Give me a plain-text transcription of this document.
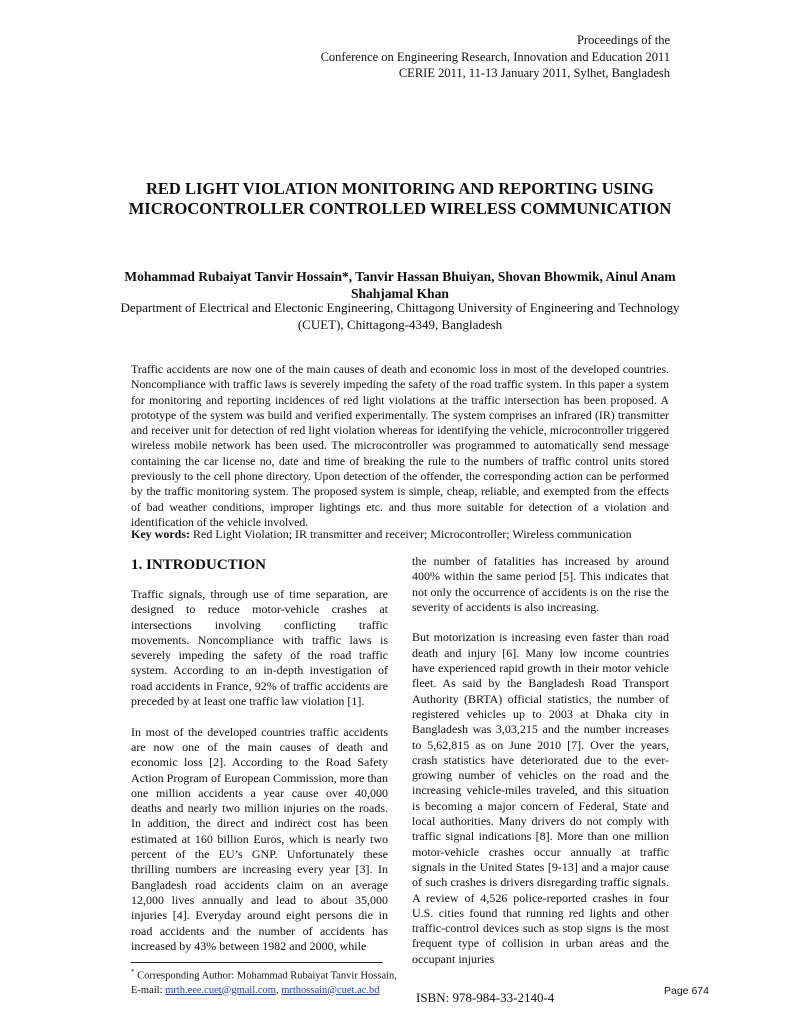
Proceedings of the
Conference on Engineering Research, Innovation and Education 2011
CERIE 2011, 11-13 January 2011, Sylhet, Bangladesh
RED LIGHT VIOLATION MONITORING AND REPORTING USING MICROCONTROLLER CONTROLLED WIRELESS COMMUNICATION
Mohammad Rubaiyat Tanvir Hossain*, Tanvir Hassan Bhuiyan, Shovan Bhowmik, Ainul Anam Shahjamal Khan
Department of Electrical and Electonic Engineering, Chittagong University of Engineering and Technology (CUET), Chittagong-4349, Bangladesh
Traffic accidents are now one of the main causes of death and economic loss in most of the developed countries. Noncompliance with traffic laws is severely impeding the safety of the road traffic system. In this paper a system for monitoring and reporting incidences of red light violations at the traffic intersection has been proposed. A prototype of the system was build and verified experimentally. The system comprises an infrared (IR) transmitter and receiver unit for detection of red light violation whereas for identifying the vehicle, microcontroller triggered wireless mobile network has been used. The microcontroller was programmed to automatically send message containing the car license no, date and time of breaking the rule to the numbers of traffic control units stored previously to the cell phone directory. Upon detection of the offender, the corresponding action can be performed by the traffic monitoring system. The proposed system is simple, cheap, reliable, and exempted from the effects of bad weather conditions, improper lightings etc. and thus more suitable for detection of a violation and identification of the vehicle involved.
Key words: Red Light Violation; IR transmitter and receiver; Microcontroller; Wireless communication
1. INTRODUCTION

Traffic signals, through use of time separation, are designed to reduce motor-vehicle crashes at intersections involving conflicting traffic movements. Noncompliance with traffic laws is severely impeding the safety of the road traffic system. According to an in-depth investigation of road accidents in France, 92% of traffic accidents are preceded by at least one traffic law violation [1].

In most of the developed countries traffic accidents are now one of the main causes of death and economic loss [2]. According to the Road Safety Action Program of European Commission, more than one million accidents a year cause over 40,000 deaths and nearly two million injuries on the roads. In addition, the direct and indirect cost has been estimated at 160 billion Euros, which is nearly two percent of the EU’s GNP. Unfortunately these thrilling numbers are increasing every year [3]. In Bangladesh road accidents claim on an average 12,000 lives annually and lead to about 35,000 injuries [4]. Everyday around eight persons die in road accidents and the number of accidents has increased by 43% between 1982 and 2000, while

the number of fatalities has increased by around 400% within the same period [5]. This indicates that not only the occurrence of accidents is on the rise the severity of accidents is also increasing.

But motorization is increasing even faster than road death and injury [6]. Many low income countries have experienced rapid growth in their motor vehicle fleet. As said by the Bangladesh Road Transport Authority (BRTA) official statistics, the number of registered vehicles up to 2003 at Dhaka city in Bangladesh was 3,03,215 and the number increases to 5,62,815 as on June 2010 [7]. Over the years, crash statistics have deteriorated due to the ever-growing number of vehicles on the road and the increasing vehicle-miles traveled, and this situation is becoming a major concern of Federal, State and local authorities. Many drivers do not comply with traffic signal indications [8]. More than one million motor-vehicle crashes occur annually at traffic signals in the United States [9-13] and a major cause of such crashes is drivers disregarding traffic signals. A review of 4,526 police-reported crashes in four U.S. cities found that running red lights and other traffic-control devices such as stop signs is the most frequent type of collision in urban areas and the occupant injuries

* Corresponding Author: Mohammad Rubaiyat Tanvir Hossain,
E-mail: mrth.eee.cuet@gmail.com, mrthossain@cuet.ac.bd	ISBN: 978-984-33-2140-4	Page 674
